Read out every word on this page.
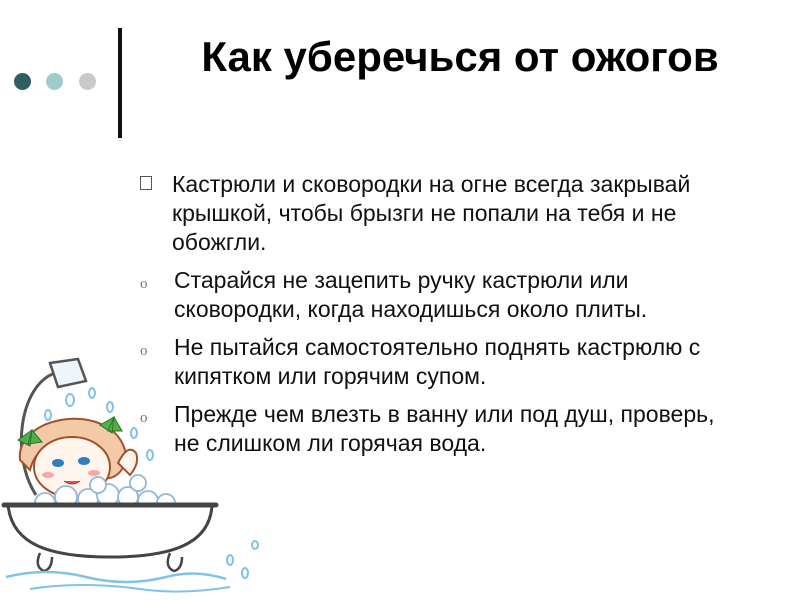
Как уберечься от ожогов
Кастрюли и сковородки на огне всегда закрывай крышкой, чтобы брызги не попали на тебя и не обожгли.
o	Старайся не зацепить ручку кастрюли или сковородки, когда находишься около плиты.
o	Не пытайся самостоятельно поднять кастрюлю с кипятком или горячим супом.
o	Прежде чем влезть в ванну или под душ, проверь, не слишком ли горячая вода.
